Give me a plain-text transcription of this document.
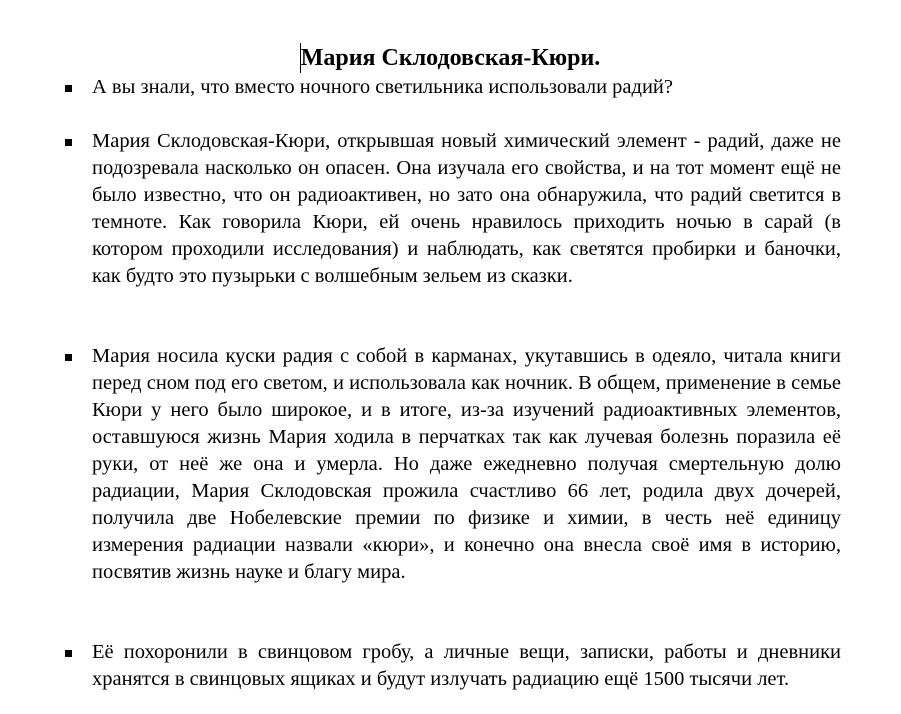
Мария Склодовская-Кюри.
А вы знали, что вместо ночного светильника использовали радий?
Мария Склодовская-Кюри, открывшая новый химический элемент - радий, даже не подозревала насколько он опасен. Она изучала его свойства, и на тот момент ещё не было известно, что он радиоактивен, но зато она обнаружила, что радий светится в темноте. Как говорила Кюри, ей очень нравилось приходить ночью в сарай (в котором проходили исследования) и наблюдать, как светятся пробирки и баночки, как будто это пузырьки с волшебным зельем из сказки.
Мария носила куски радия с собой в карманах, укутавшись в одеяло, читала книги перед сном под его светом, и использовала как ночник. В общем, применение в семье Кюри у него было широкое, и в итоге, из-за изучений радиоактивных элементов, оставшуюся жизнь Мария ходила в перчатках так как лучевая болезнь поразила её руки, от неё же она и умерла. Но даже ежедневно получая смертельную долю радиации, Мария Склодовская прожила счастливо 66 лет, родила двух дочерей, получила две Нобелевские премии по физике и химии, в честь неё единицу измерения радиации назвали «кюри», и конечно она внесла своё имя в историю, посвятив жизнь науке и благу мира.
Её похоронили в свинцовом гробу, а личные вещи, записки, работы и дневники хранятся в свинцовых ящиках и будут излучать радиацию ещё 1500 тысячи лет.
